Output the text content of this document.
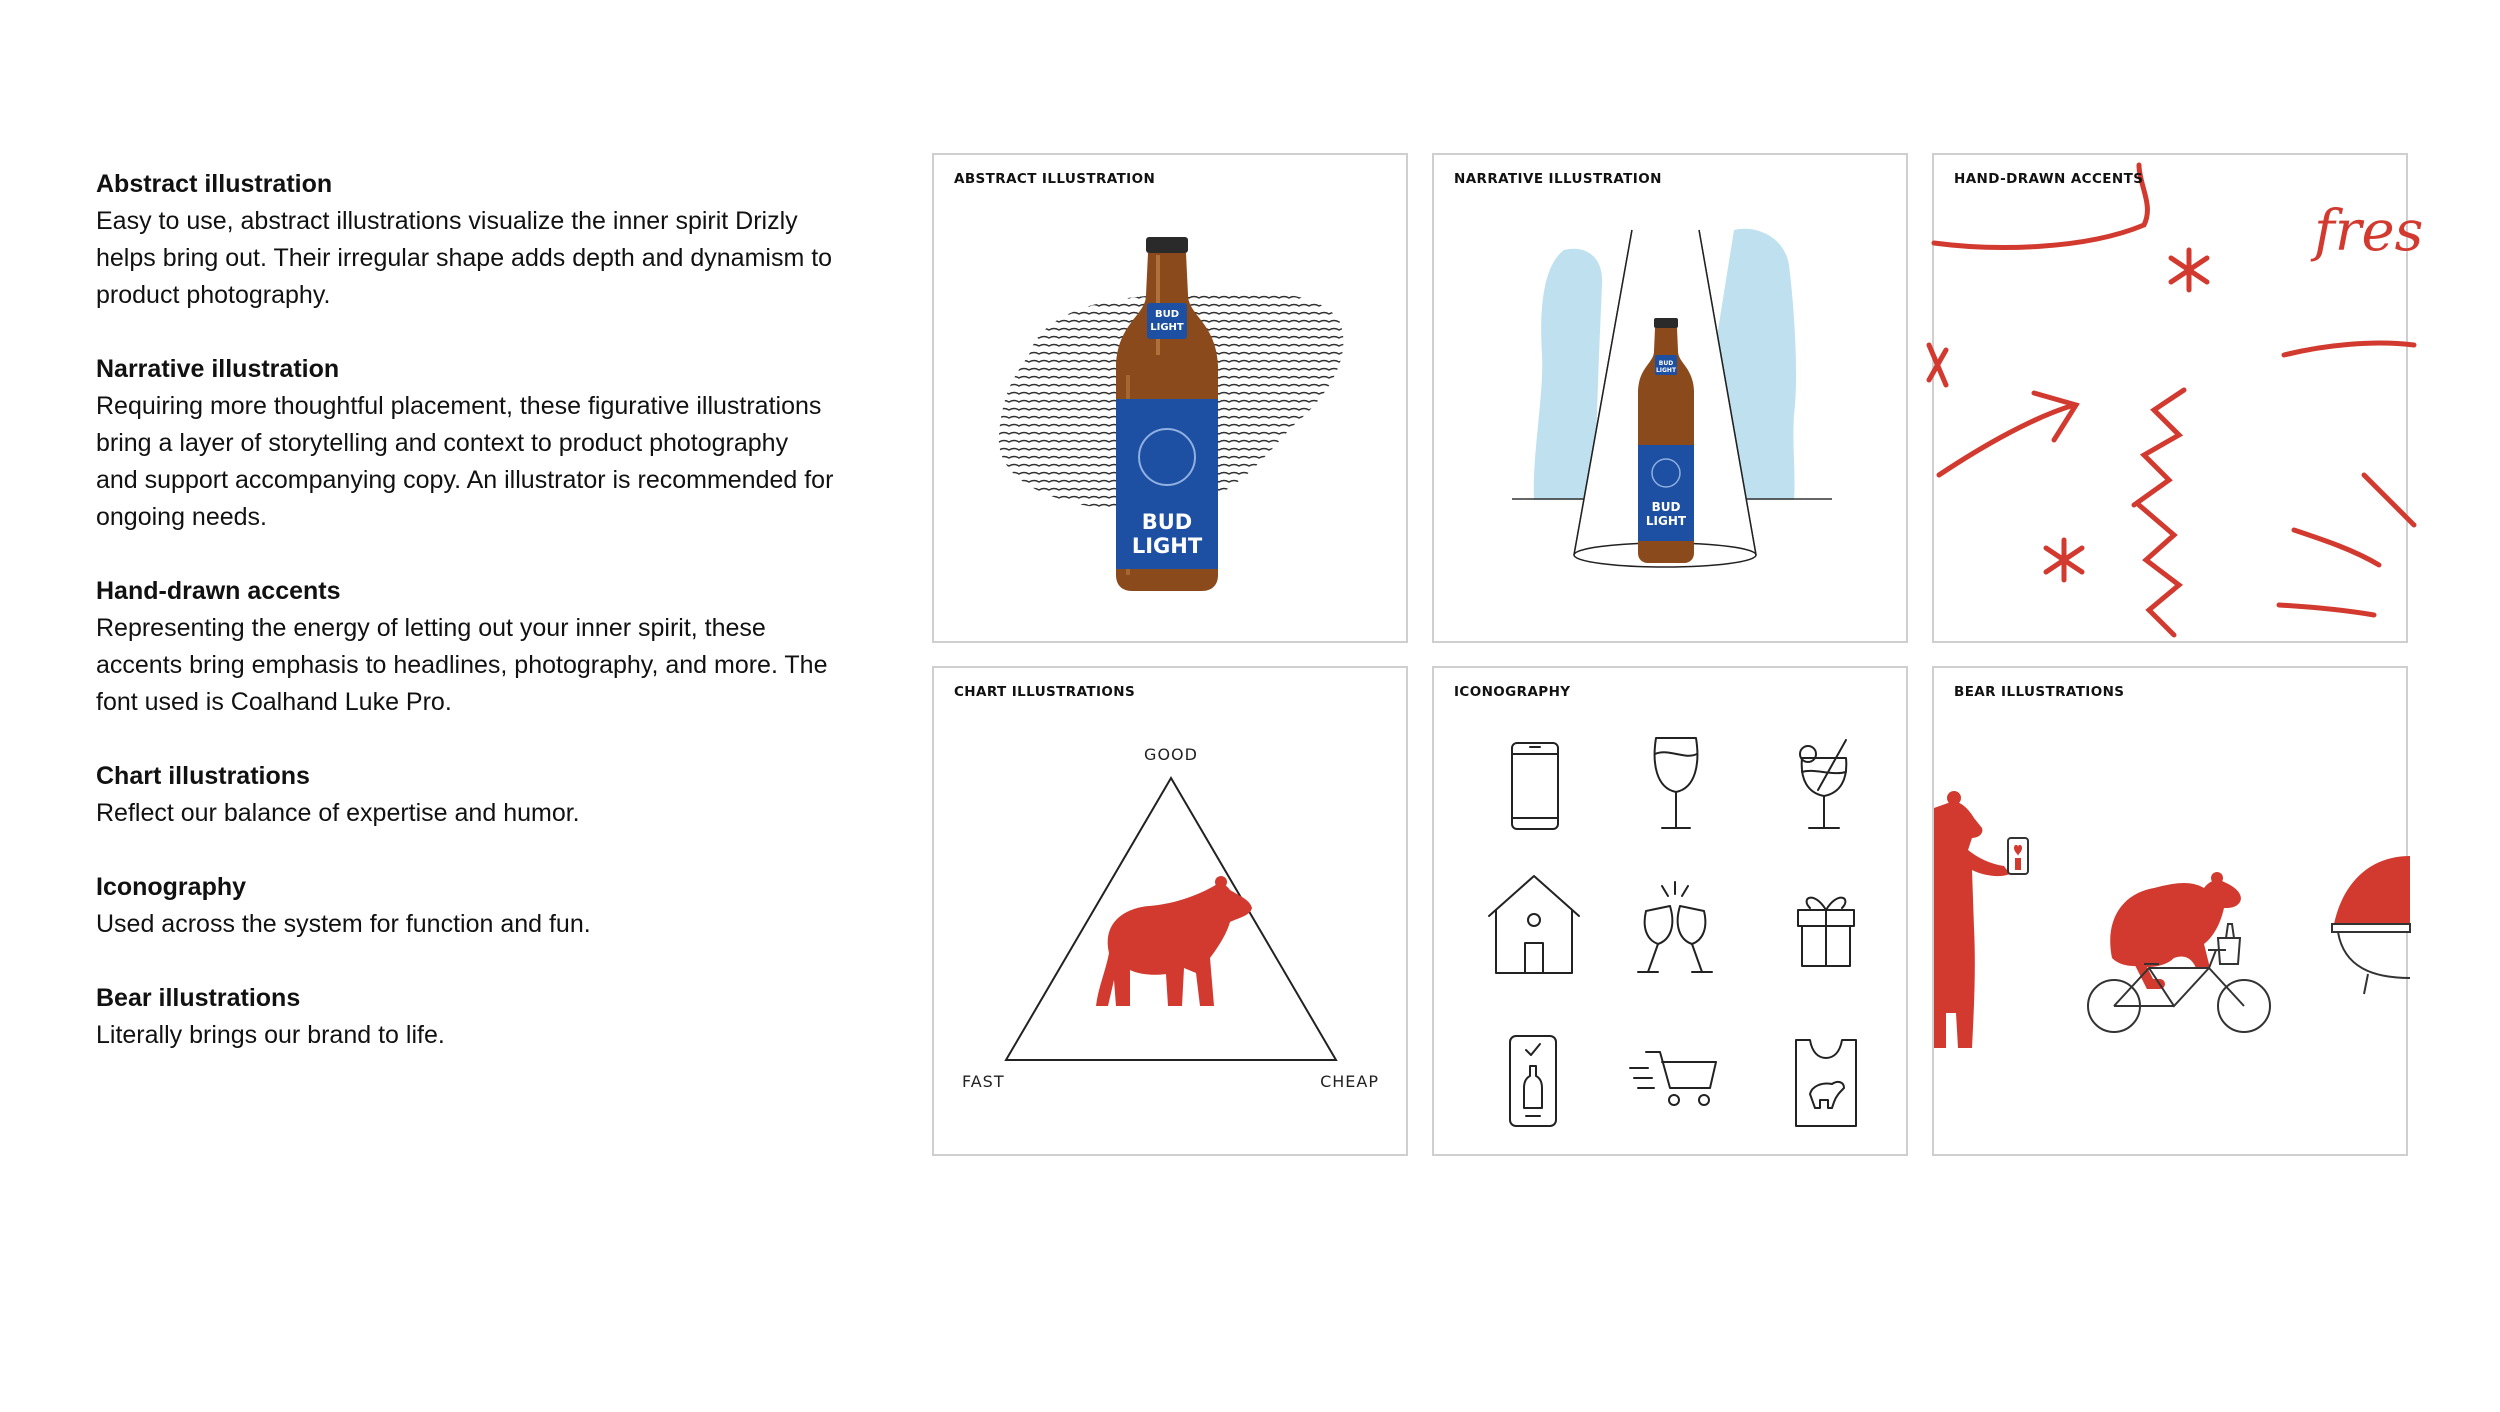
Abstract illustration
Easy to use, abstract illustrations visualize the inner spirit Drizly helps bring out. Their irregular shape adds depth and dynamism to product photography.
Narrative illustration
Requiring more thoughtful placement, these figurative illustrations bring a layer of storytelling and context to product photography and support accompanying copy. An illustrator is recommended for ongoing needs.
Hand-drawn accents
Representing the energy of letting out your inner spirit, these accents bring emphasis to headlines, photography, and more. The font used is Coalhand Luke Pro.
Chart illustrations
Reflect our balance of expertise and humor.
Iconography
Used across the system for function and fun.
Bear illustrations
Literally brings our brand to life.
ABSTRACT ILLUSTRATION
BUD
LIGHT
BUD
LIGHT
NARRATIVE ILLUSTRATION
BUD
LIGHT
BUD
LIGHT
HAND-DRAWN ACCENTS
fres
CHART ILLUSTRATIONS
GOOD
FAST	CHEAP
ICONOGRAPHY	BEAR ILLUSTRATIONS
